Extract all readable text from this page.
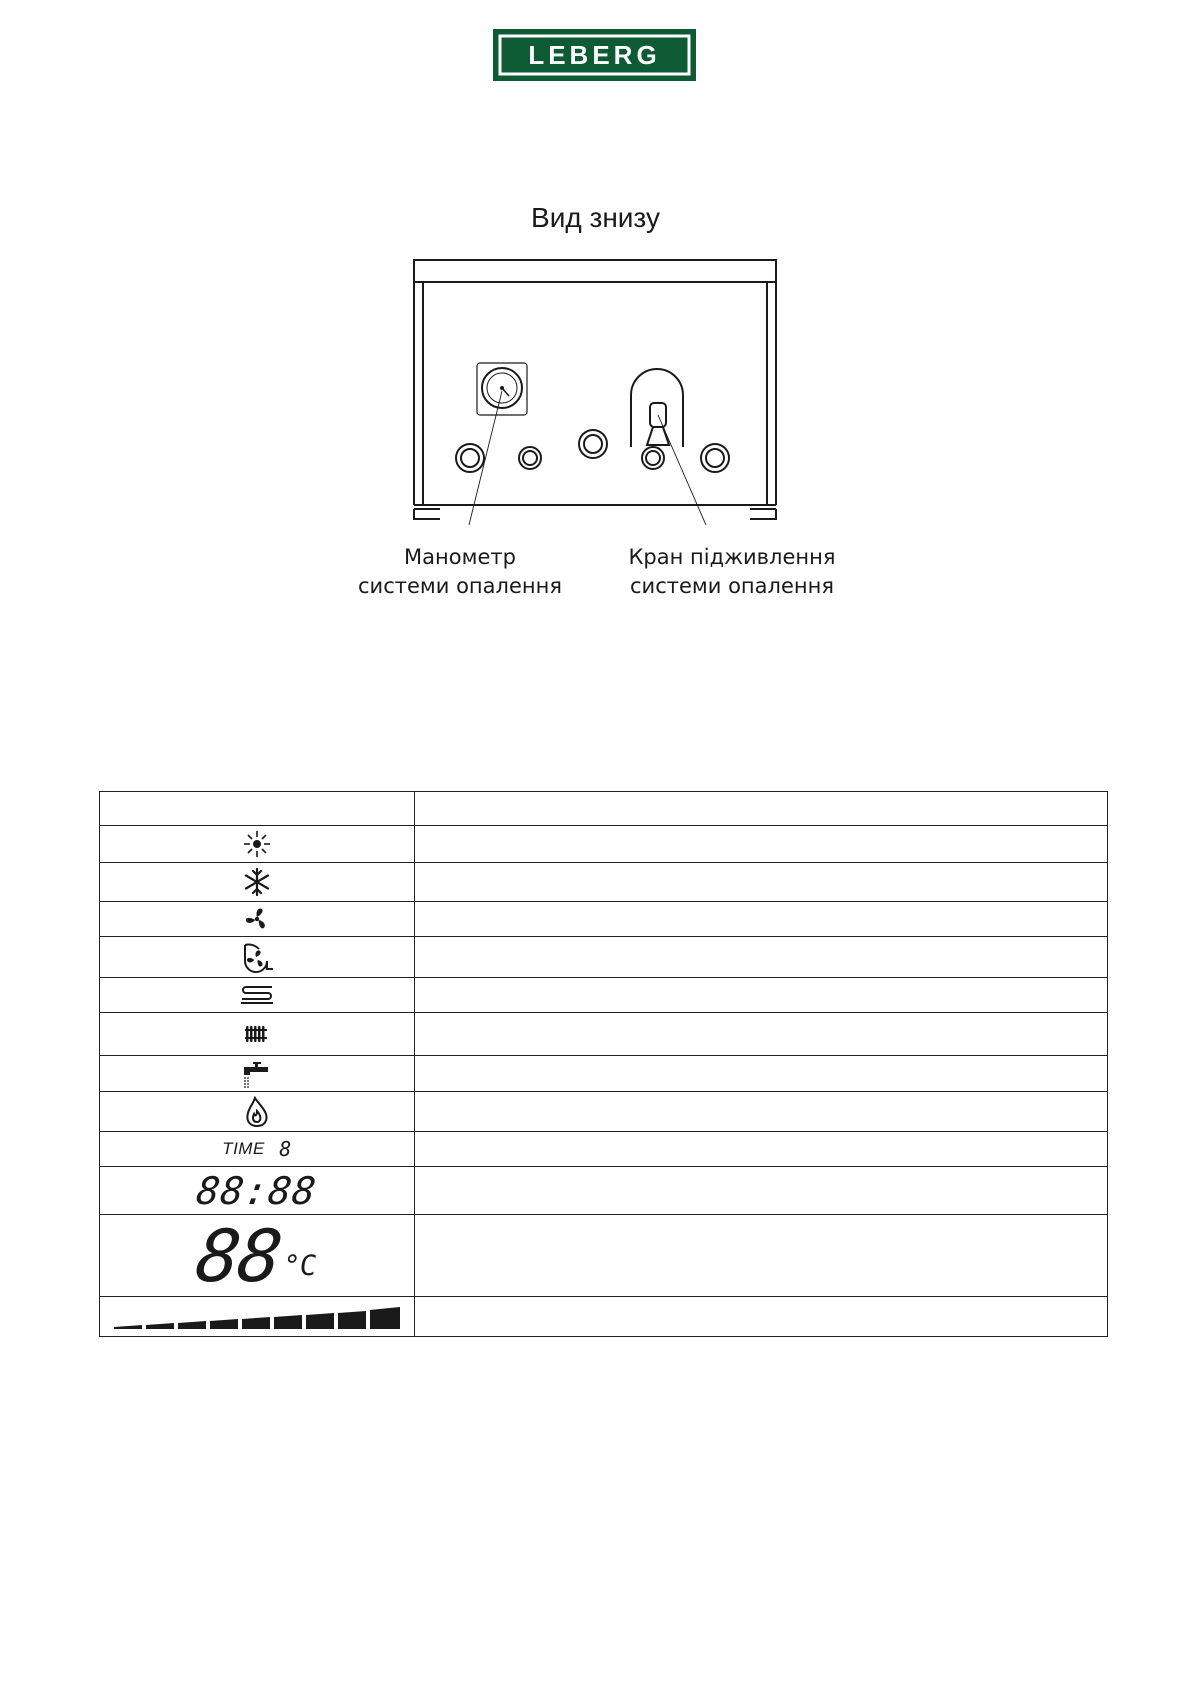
LEBERG
Вид знизу
Манометр
системи опалення
Кран підживлення
системи опалення

TIME 8	
88:88	
88 °C	
